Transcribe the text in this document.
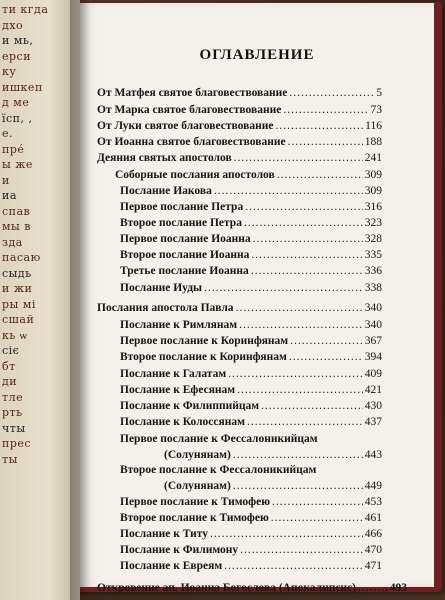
ти кгда
дхо
и мь,
ерси
ку
ишкеп
д ме
їсп, ,
е.
пре́
ы же
и
иа
спав
мы в
зда
пасаю
сыдь
и жи
ры мі
сшай
кь ѡ
сіє
бт
ди
тле
рть
чты
прес
ты
ОГЛАВЛЕНИЕ
От Матфея святое благовествование .....	5
От Марка святое благовествование .....	73
От Луки святое благовествование .....	116
От Иоанна святое благовествование .....	188
Деяния святых апостолов .....	241
Соборные послания апостолов .....	309
Послание Иакова .....	309
Первое послание Петра .....	316
Второе послание Петра .....	323
Первое послание Иоанна .....	328
Второе послание Иоанна .....	335
Третье послание Иоанна .....	336
Послание Иуды .....	338
Послания апостола Павла .....	340
Послание к Римлянам .....	340
Первое послание к Коринфянам .....	367
Второе послание к Коринфянам .....	394
Послание к Галатам .....	409
Послание к Ефесянам .....	421
Послание к Филиппийцам .....	430
Послание к Колоссянам .....	437
Первое послание к Фессалоникийцам
(Солунянам) .....	443
Второе послание к Фессалоникийцам
(Солунянам) .....	449
Первое послание к Тимофею .....	453
Второе послание к Тимофею .....	461
Послание к Титу .....	466
Послание к Филимону .....	470
Послание к Евреям .....	471
Откровение ап. Иоанна Богослова (Апокалипсис) .....	493
